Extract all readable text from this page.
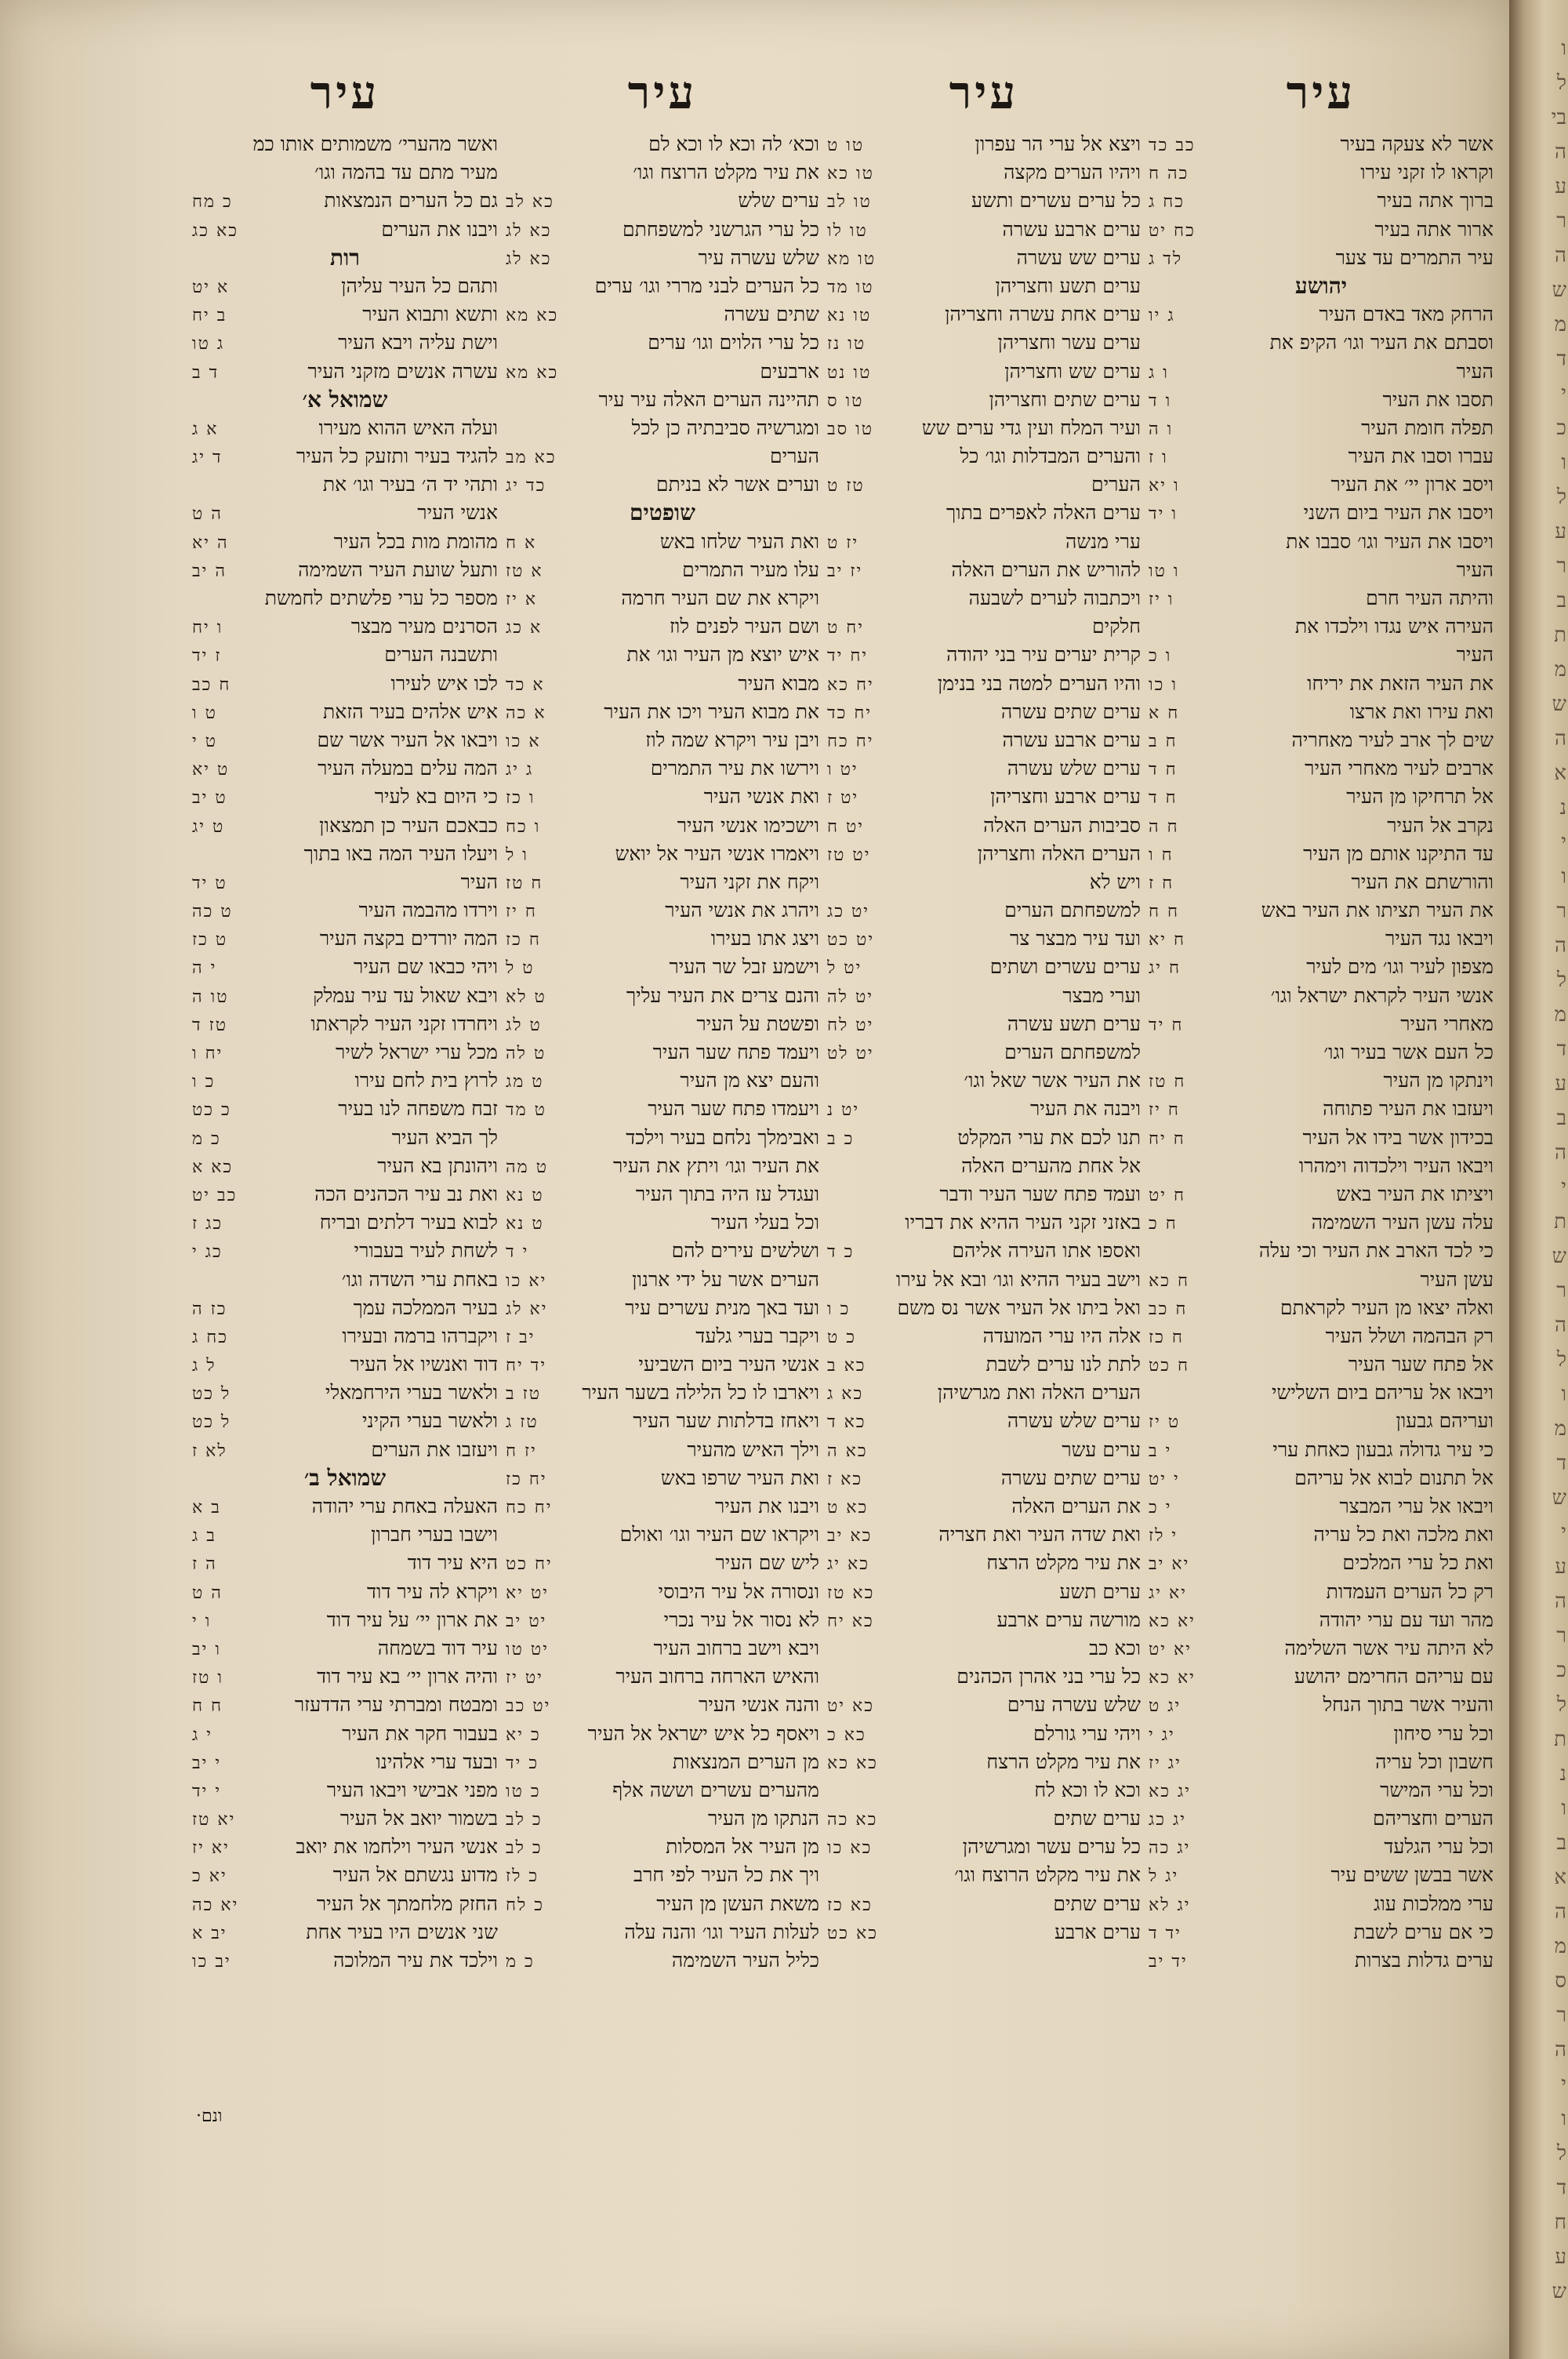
עיר
אשר לא צעקה בעיר
כב כד
וקראו לו זקני עירו
כה ח
ברוך אתה בעיר
כח ג
ארור אתה בעיר
כח יט
עיר התמרים עד צער
לד ג
יהושע
הרחק מאד באדם העיר
ג יו
וסבתם את העיר וגו׳ הקיפ את
העיר
ו ג
תסבו את העיר
ו ד
תפלה חומת העיר
ו ה
עברו וסבו את העיר
ו ז
ויסב ארון יי׳ את העיר
ו יא
ויסבו את העיר ביום השני
ו יד
ויסבו את העיר וגו׳ סבבו את
העיר
ו טו
והיתה העיר חרם
ו יז
העירה איש נגדו וילכדו את
העיר
ו כ
את העיר הזאת את יריחו
ו כו
ואת עירו ואת ארצו
ח א
שים לך ארב לעיר מאחריה
ח ב
ארבים לעיר מאחרי העיר
ח ד
אל תרחיקו מן העיר
ח ד
נקרב אל העיר
ח ה
עד התיקנו אותם מן העיר
ח ו
והורשתם את העיר
ח ז
את העיר תציתו את העיר באש
ח ח
ויבאו נגד העיר
ח יא
מצפון לעיר וגו׳ מים לעיר
ח יג
אנשי העיר לקראת ישראל וגו׳
מאחרי העיר
ח יד
כל העם אשר בעיר וגו׳
וינתקו מן העיר
ח טז
ויעזבו את העיר פתוחה
ח יז
בכידון אשר בידו אל העיר
ח יח
ויבאו העיר וילכדוה וימהרו
ויציתו את העיר באש
ח יט
עלה עשן העיר השמימה
ח כ
כי לכד הארב את העיר וכי עלה
עשן העיר
ח כא
ואלה יצאו מן העיר לקראתם
ח כב
רק הבהמה ושלל העיר
ח כז
אל פתח שער העיר
ח כט
ויבאו אל עריהם ביום השלישי
ועריהם גבעון
ט יז
כי עיר גדולה גבעון כאחת ערי
י ב
אל תתנום לבוא אל עריהם
י יט
ויבאו אל ערי המבצר
י כ
ואת מלכה ואת כל עריה
י לז
ואת כל ערי המלכים
יא יב
רק כל הערים העמדות
יא יג
מהר ועד עם ערי יהודה
יא כא
לא היתה עיר אשר השלימה
יא יט
עם עריהם החרימם יהושע
יא כא
והעיר אשר בתוך הנחל
יג ט
וכל ערי סיחון
יג י
חשבון וכל עריה
יג יז
וכל ערי המישר
יג כא
הערים וחצריהם
יג כג
וכל ערי הגלעד
יג כה
אשר בבשן ששים עיר
יג ל
ערי ממלכות עוג
יג לא
כי אם ערים לשבת
יד ד
ערים גדלות בצרות
יד יב
עיר
ויצא אל ערי הר עפרון
טו ט
ויהיו הערים מקצה
טו כא
כל ערים עשרים ותשע
טו לב
ערים ארבע עשרה
טו לו
ערים שש עשרה
טו מא
ערים תשע וחצריהן
טו מד
ערים אחת עשרה וחצריהן
טו נא
ערים עשר וחצריהן
טו נז
ערים שש וחצריהן
טו נט
ערים שתים וחצריהן
טו ס
ועיר המלח ועין גדי ערים שש
טו סב
והערים המבדלות וגו׳ כל
הערים
טז ט
ערים האלה לאפרים בתוך
ערי מנשה
יז ט
להוריש את הערים האלה
יז יב
ויכתבוה לערים לשבעה
חלקים
יח ט
קרית יערים עיר בני יהודה
יח יד
והיו הערים למטה בני בנימן
יח כא
ערים שתים עשרה
יח כד
ערים ארבע עשרה
יח כח
ערים שלש עשרה
יט ו
ערים ארבע וחצריהן
יט ז
סביבות הערים האלה
יט ח
הערים האלה וחצריהן
יט טז
ויש לא
למשפחתם הערים
יט כג
ועד עיר מבצר צר
יט כט
ערים עשרים ושתים
יט ל
וערי מבצר
יט לה
ערים תשע עשרה
יט לח
למשפחתם הערים
יט לט
את העיר אשר שאל וגו׳
ויבנה את העיר
יט נ
תנו לכם את ערי המקלט
כ ב
אל אחת מהערים האלה
ועמד פתח שער העיר ודבר
באזני זקני העיר ההיא את דבריו
ואספו אתו העירה אליהם
כ ד
וישב בעיר ההיא וגו׳ ובא אל עירו
ואל ביתו אל העיר אשר נס משם
כ ו
אלה היו ערי המועדה
כ ט
לתת לנו ערים לשבת
כא ב
הערים האלה ואת מגרשיהן
כא ג
ערים שלש עשרה
כא ד
ערים עשר
כא ה
ערים שתים עשרה
כא ז
את הערים האלה
כא ט
ואת שדה העיר ואת חצריה
כא יב
את עיר מקלט הרצח
כא יג
ערים תשע
כא טז
מורשה ערים ארבע
כא יח
וכא כב
כל ערי בני אהרן הכהנים
שלש עשרה ערים
כא יט
ויהי ערי גורלם
כא כ
את עיר מקלט הרצח
כא כא
וכא לו וכא לח
ערים שתים
כא כה
כל ערים עשר ומגרשיהן
כא כו
את עיר מקלט הרוצח וגו׳
ערים שתים
כא כז
ערים ארבע
כא כט
עיר
וכא׳ לה וכא לו וכא לם
את עיר מקלט הרוצח וגו׳
ערים שלש
כא לב
כל ערי הגרשני למשפחתם
כא לג
שלש עשרה עיר
כא לג
כל הערים לבני מררי וגו׳ ערים
שתים עשרה
כא מא
כל ערי הלוים וגו׳ ערים
ארבעים
כא מא
תהיינה הערים האלה עיר עיר
ומגרשיה סביבתיה כן לכל
הערים
כא מב
וערים אשר לא בניתם
כד יג
שופטים
ואת העיר שלחו באש
א ח
עלו מעיר התמרים
א טז
ויקרא את שם העיר חרמה
א יז
ושם העיר לפנים לוז
א כג
איש יוצא מן העיר וגו׳ את
מבוא העיר
א כד
את מבוא העיר ויכו את העיר
א כה
ויבן עיר ויקרא שמה לוז
א כו
וירשו את עיר התמרים
ג יג
ואת אנשי העיר
ו כז
וישכימו אנשי העיר
ו כח
ויאמרו אנשי העיר אל יואש
ו ל
ויקח את זקני העיר
ח טז
ויהרג את אנשי העיר
ח יז
ויצג אתו בעירו
ח כז
וישמע זבל שר העיר
ט ל
והנם צרים את העיר עליך
ט לא
ופשטת על העיר
ט לג
ויעמד פתח שער העיר
ט לה
והעם יצא מן העיר
ט מג
ויעמדו פתח שער העיר
ט מד
ואבימלך נלחם בעיר וילכד
את העיר וגו׳ ויתץ את העיר
ט מה
ועגדל עז היה בתוך העיר
ט נא
וכל בעלי העיר
ט נא
ושלשים עירים להם
י ד
הערים אשר על ידי ארנון
יא כו
ועד באך מנית עשרים עיר
יא לג
ויקבר בערי גלעד
יב ז
אנשי העיר ביום השביעי
יד יח
ויארבו לו כל הלילה בשער העיר
טז ב
ויאחז בדלתות שער העיר
טז ג
וילך האיש מהעיר
יז ח
ואת העיר שרפו באש
יח כז
ויבנו את העיר
יח כח
ויקראו שם העיר וגו׳ ואולם
ליש שם העיר
יח כט
ונסורה אל עיר היבוסי
יט יא
לא נסור אל עיר נכרי
יט יב
ויבא וישב ברחוב העיר
יט טו
והאיש הארחה ברחוב העיר
יט יז
והנה אנשי העיר
יט כב
ויאסף כל איש ישראל אל העיר
כ יא
מן הערים המנצאות
כ יד
מהערים עשרים וששה אלף
כ טו
הנתקו מן העיר
כ לב
מן העיר אל המסלות
כ לב
ויך את כל העיר לפי חרב
כ לז
משאת העשן מן העיר
כ לח
לעלות העיר וגו׳ והנה עלה
כליל העיר השמימה
כ מ
עיר
ואשר מהערי׳ משמותים אותו כמ
מעיר מתם עד בהמה וגו׳
גם כל הערים הנמצאות
כ מח
ויבנו את הערים
כא כג
רות
ותהם כל העיר עליהן
א יט
ותשא ותבוא העיר
ב יח
וישת עליה ויבא העיר
ג טו
עשרה אנשים מזקני העיר
ד ב
שמואל א׳
ועלה האיש ההוא מעירו
א ג
להגיד בעיר ותזעק כל העיר
ד יג
ותהי יד ה׳ בעיר וגו׳ את
אנשי העיר
ה ט
מהומת מות בכל העיר
ה יא
ותעל שועת העיר השמימה
ה יב
מספר כל ערי פלשתים לחמשת
הסרנים מעיר מבצר
ו יח
ותשבנה הערים
ז יד
לכו איש לעירו
ח כב
איש אלהים בעיר הזאת
ט ו
ויבאו אל העיר אשר שם
ט י
המה עלים במעלה העיר
ט יא
כי היום בא לעיר
ט יב
כבאכם העיר כן תמצאון
ט יג
ויעלו העיר המה באו בתוך
העיר
ט יד
וירדו מהבמה העיר
ט כה
המה יורדים בקצה העיר
ט כז
ויהי כבאו שם העיר
י ה
ויבא שאול עד עיר עמלק
טו ה
ויחרדו זקני העיר לקראתו
טז ד
מכל ערי ישראל לשיר
יח ו
לרוץ בית לחם עירו
כ ו
זבח משפחה לנו בעיר
כ כט
לך הביא העיר
כ מ
ויהונתן בא העיר
כא א
ואת נב עיר הכהנים הכה
כב יט
לבוא בעיר דלתים ובריח
כג ז
לשחת לעיר בעבורי
כג י
באחת ערי השדה וגו׳
בעיר הממלכה עמך
כז ה
ויקברהו ברמה ובעירו
כח ג
דוד ואנשיו אל העיר
ל ג
ולאשר בערי הירחמאלי
ל כט
ולאשר בערי הקיני
ל כט
ויעזבו את הערים
לא ז
שמואל ב׳
האעלה באחת ערי יהודה
ב א
וישבו בערי חברון
ב ג
היא עיר דוד
ה ז
ויקרא לה עיר דוד
ה ט
את ארון יי׳ על עיר דוד
ו י
עיר דוד בשמחה
ו יב
והיה ארון יי׳ בא עיר דוד
ו טז
ומבטח ומברתי ערי הדדעזר
ח ח
בעבור חקר את העיר
י ג
ובעד ערי אלהינו
י יב
מפני אבישי ויבאו העיר
י יד
בשמור יואב אל העיר
יא טז
אנשי העיר וילחמו את יואב
יא יז
מדוע נגשתם אל העיר
יא כ
החזק מלחמתך אל העיר
יא כה
שני אנשים היו בעיר אחת
יב א
וילכד את עיר המלוכה
יב כו
ונם·
ו
ל
בי
ה
ע
ר
ה
ש
מ
ד
י
כ
ו
ל
ע
ר
ב
ת
מ
ש
ה
א
נ
י
ו
ר
ה
ל
מ
ד
ע
ב
ה
י
ת
ש
ר
ה
ל
ו
מ
ד
ש
י
ע
ה
ר
כ
ל
ת
נ
ו
ב
א
ה
מ
ס
ר
ה
י
ו
ל
ד
ח
ע
ש
